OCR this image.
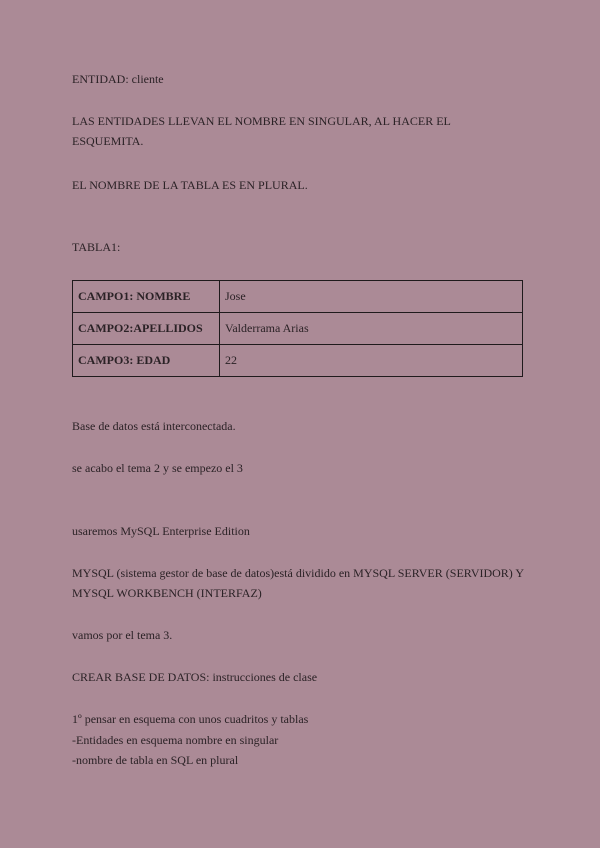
ENTIDAD: cliente
LAS ENTIDADES LLEVAN EL NOMBRE EN SINGULAR, AL HACER EL ESQUEMITA.
EL NOMBRE DE LA TABLA ES EN PLURAL.
TABLA1:
CAMPO1: NOMBRE	Jose
CAMPO2:APELLIDOS	Valderrama Arias
CAMPO3: EDAD	22
Base de datos está interconectada.
se acabo el tema 2 y se empezo el 3
usaremos MySQL Enterprise Edition
MYSQL (sistema gestor de base de datos)está dividido en MYSQL SERVER (SERVIDOR) Y MYSQL WORKBENCH (INTERFAZ)
vamos por el tema 3.
CREAR BASE DE DATOS: instrucciones de clase
1º pensar en esquema con unos cuadritos y tablas
-Entidades en esquema nombre en singular
-nombre de tabla en SQL en plural
